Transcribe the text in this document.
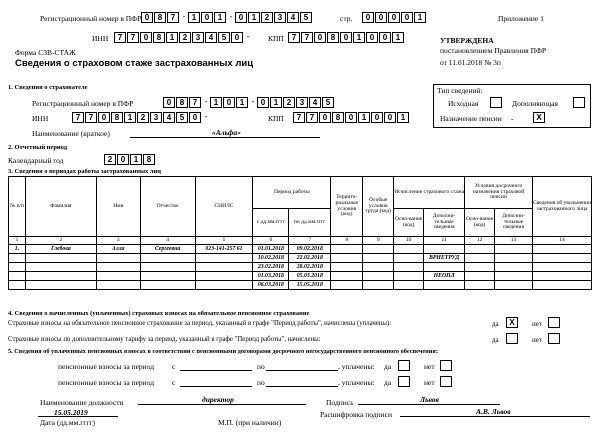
Регистрационный номер в ПФР 0	8	7 - 1	0	1 - 0	1	2	3	4	5	стр.	0	0	0	0	1	Приложение 1
ИНН	7	7	0	8	1	2	3	4	5	0 -	КПП 7	7	0	8	0	1	0	0	1	УТВЕРЖДЕНА
Форма СЗВ-СТАЖ	постановлением Правления ПФР
Сведения о страховом стаже застрахованных лиц	от 11.01.2018 № 3п
1. Сведения о страхователе
Регистрационный номер в ПФР	0	8	7 - 1	0	1 - 0	1	2	3	4	5
ИНН	7	7	0	8	1	2	3	4	5	0 -	КПП	7	7	0	8	0	1	0	0	1
Наименование (краткое)	«Альфа»
Тип сведений:
Исходная	Дополняющая
Назначение пенсии -	X
2. Отчетный период
Календарный год	2	0	1	8
3. Сведения о периодах работы застрахованных лиц
№ п/п	Фамилия	Имя	Отчество	СНИЛС	Период работы		Террито-риальные условия (код)	Особые условия труда (код)	Исчисление страхового стажа		Условия досрочного назначения страховой пенсии		Сведения об увольнении застрахованного лица
					с дд.мм.гггг	по дд.мм.гггг			Осно-вание (код)	Дополни-тельные сведения	Осно-вание (код)	Дополни-тельные сведения	
1	2	3	4	5	6	7	8	9	10	11	12	13	14
1.	Глебова	Алла	Сергеевна	023-141-257 61	01.01.2018	09.02.2018							
					10.02.2018	22.02.2018				ВРНЕТРУД			
					23.02.2018	28.02.2018							
					01.03.2018	05.03.2018				НЕОПЛ			
					06.03.2018	15.05.2018							
4. Сведения о начисленных (уплаченных) страховых взносах на обязательное пенсионное страхование
Страховые взносы на обязательное пенсионное страхование за период, указанный в графе "Период работы", начислены (уплачены):	да	X	нет
Страховые взносы по дополнительному тарифу за период, указанный в графе "Период работы", начислены:	да	нет
5. Сведения об уплаченных пенсионных взносах в соответствии с пенсионными договорами досрочного негосударственного пенсионного обеспечения:
пенсионные взносы за период с	по	, уплачены: да	нет
пенсионные взносы за период с	по	, уплачены: да	нет
Наименование должности	директор	Подпись	Львов
Расшифровка подписи	А.В. Львов
15.05.2019
Дата (дд.мм.гггг)	М.П. (при наличии)
